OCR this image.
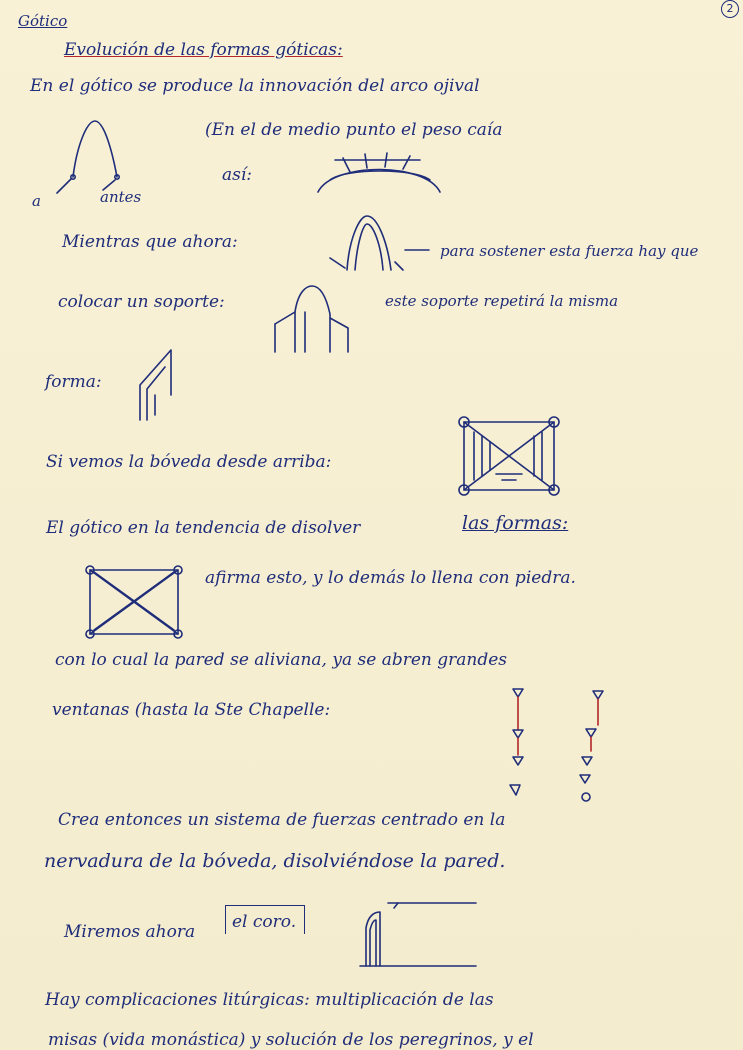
Gótico
2
Evolución de las formas góticas:
En el gótico se produce la innovación del arco ojival
(En el de medio punto el peso caía
así:
a	antes
Mientras que ahora:	para sostener esta fuerza hay que
colocar un soporte:	este soporte repetirá la misma
forma:
Si vemos la bóveda desde arriba:
El gótico en la tendencia de disolver	las formas:
afirma esto, y lo demás lo llena con piedra.
con lo cual la pared se aliviana, ya se abren grandes
ventanas (hasta la Ste Chapelle:
Crea entonces un sistema de fuerzas centrado en la
nervadura de la bóveda, disolviéndose la pared.
Miremos ahora	el coro.
Hay complicaciones litúrgicas: multiplicación de las
misas (vida monástica) y solución de los peregrinos, y el
